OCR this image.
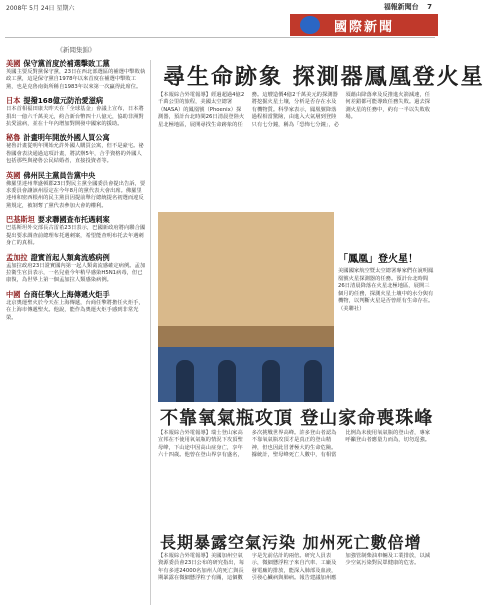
2008年 5月 24日 星期六	福報新聞台 7
國際新聞
《新聞集錦》
美國 保守黨首度於補選擊敗工黨
英國主要反對黨保守黨，23日在西北部選區的補選中擊敗執政工黨，這是保守黨自1978年以來首度在補選中擊敗工黨，也是克魯南街所稱自1983年以來第一次贏得此席位。
日本 提撥168億元防治愛滋病
日本首相福田康夫昨天在「全球基金」會議上宣布，日本將捐出一億六千萬美元，約合新台幣四十八億元，協助非洲對抗愛滋病，並在十年內增加對開發中國家的援助。
秘魯 計畫明年開放外國人買公寓
祕魯計畫從明年開始允許外國人購買公寓，但不是豪宅。祕魯國會表決通過這項計畫，將試辦5年，合乎資格的外國人包括那些與祕魯公民結婚者，直接投資者等。
英國 佛州民主黨員告黨中央
佛羅里達州華盛頓郡23日對民主黨全國委員會提出告訴，要求委員會讓該州原定在今年8月的黨代表大會出席。佛羅里達州和密西根州的民主黨員因提前舉行總統提名初選而違反黨規定，被剝奪了黨代表參加大會的權利。
巴基斯坦 要求聯國查布托遇刺案
巴基斯坦外交部長古雷希23日表示，巴國新政府將向聯合國提出要求調查前總理布托遇刺案，希望能查明布托去年遇刺身亡的真相。
孟加拉 證實首起人類禽流感病例
孟加拉政府23日證實國內第一起人類禽流感確定病例。孟加拉衛生官員表示，一名兒童今年稍早感染H5N1病毒，但已康復，為世界上第一個孟加拉人類感染病例。
中國 台商任擎火上海傳遞火炬手
北京奧運聖火於今天在上海傳遞，台商任擎將擔任火炬手，在上海市傳遞聖火。他說，能作為奧運火炬手感到非常光榮。
尋生命跡象 探測器鳳凰登火星
【本報綜合外電報導】經過超過4億2千萬公里的旅程，美國太空總署（NASA）的鳳凰號（Phoenix）探測器，預計台北時間26日清晨登陸火星北極地區，展開尋找生命跡象的任務。這艘造價4億2千萬美元的探測器將挖掘火星土壤，分析是否存在水及有機物質。科學家表示，鳳凰號降落過程相當驚險，由進入大氣層到登陸只有七分鐘，稱為「恐怖七分鐘」，必須藉由降落傘及反推進火箭減速，任何差錯都可能導致任務失敗。過去探測火星的任務中，約有一半以失敗收場。
「鳳凰」登火星！
美國國家航空暨太空總署專家們在說明鳳凰號火星探測器的任務。預計台北時間26日清晨降落在火星北極地區，展開三個月的任務，探測火星土壤中的水分與有機物，以判斷火星是否曾經有生命存在。（美聯社）
不靠氧氣瓶攻頂 登山家命喪珠峰
【本報綜合外電報導】瑞士登山家高宣邦在不使用氧氣瓶的情況下攻頂聖母峰，下山途中因高山症身亡，享年六十四歲。他曾在登山界享有盛名，多次挑戰世界高峰。許多登山者認為不靠氧氣瓶攻頂才是真正的登山精神，但也因此冒著極大的生命危險。據統計，聖母峰死亡人數中，有相當比例為未使用氧氣瓶的登山者，專家呼籲登山者應量力而為，切勿逞強。
長期暴露空氣污染 加州死亡數倍增
【本報綜合外電報導】美國加州空氣資源委員會23日公布的研究指出，每年有多達24000名加州人的死亡與長期暴露在微細懸浮粒子有關，這個數字是先前估計的兩倍。研究人員表示，微細懸浮粒子來自汽車、工廠及發電廠的排放，能深入肺部及血液，引發心臟病與肺病。報告建議加州應加強管制柴油車輛及工業排放，以減少空氣污染對民眾健康的危害。
